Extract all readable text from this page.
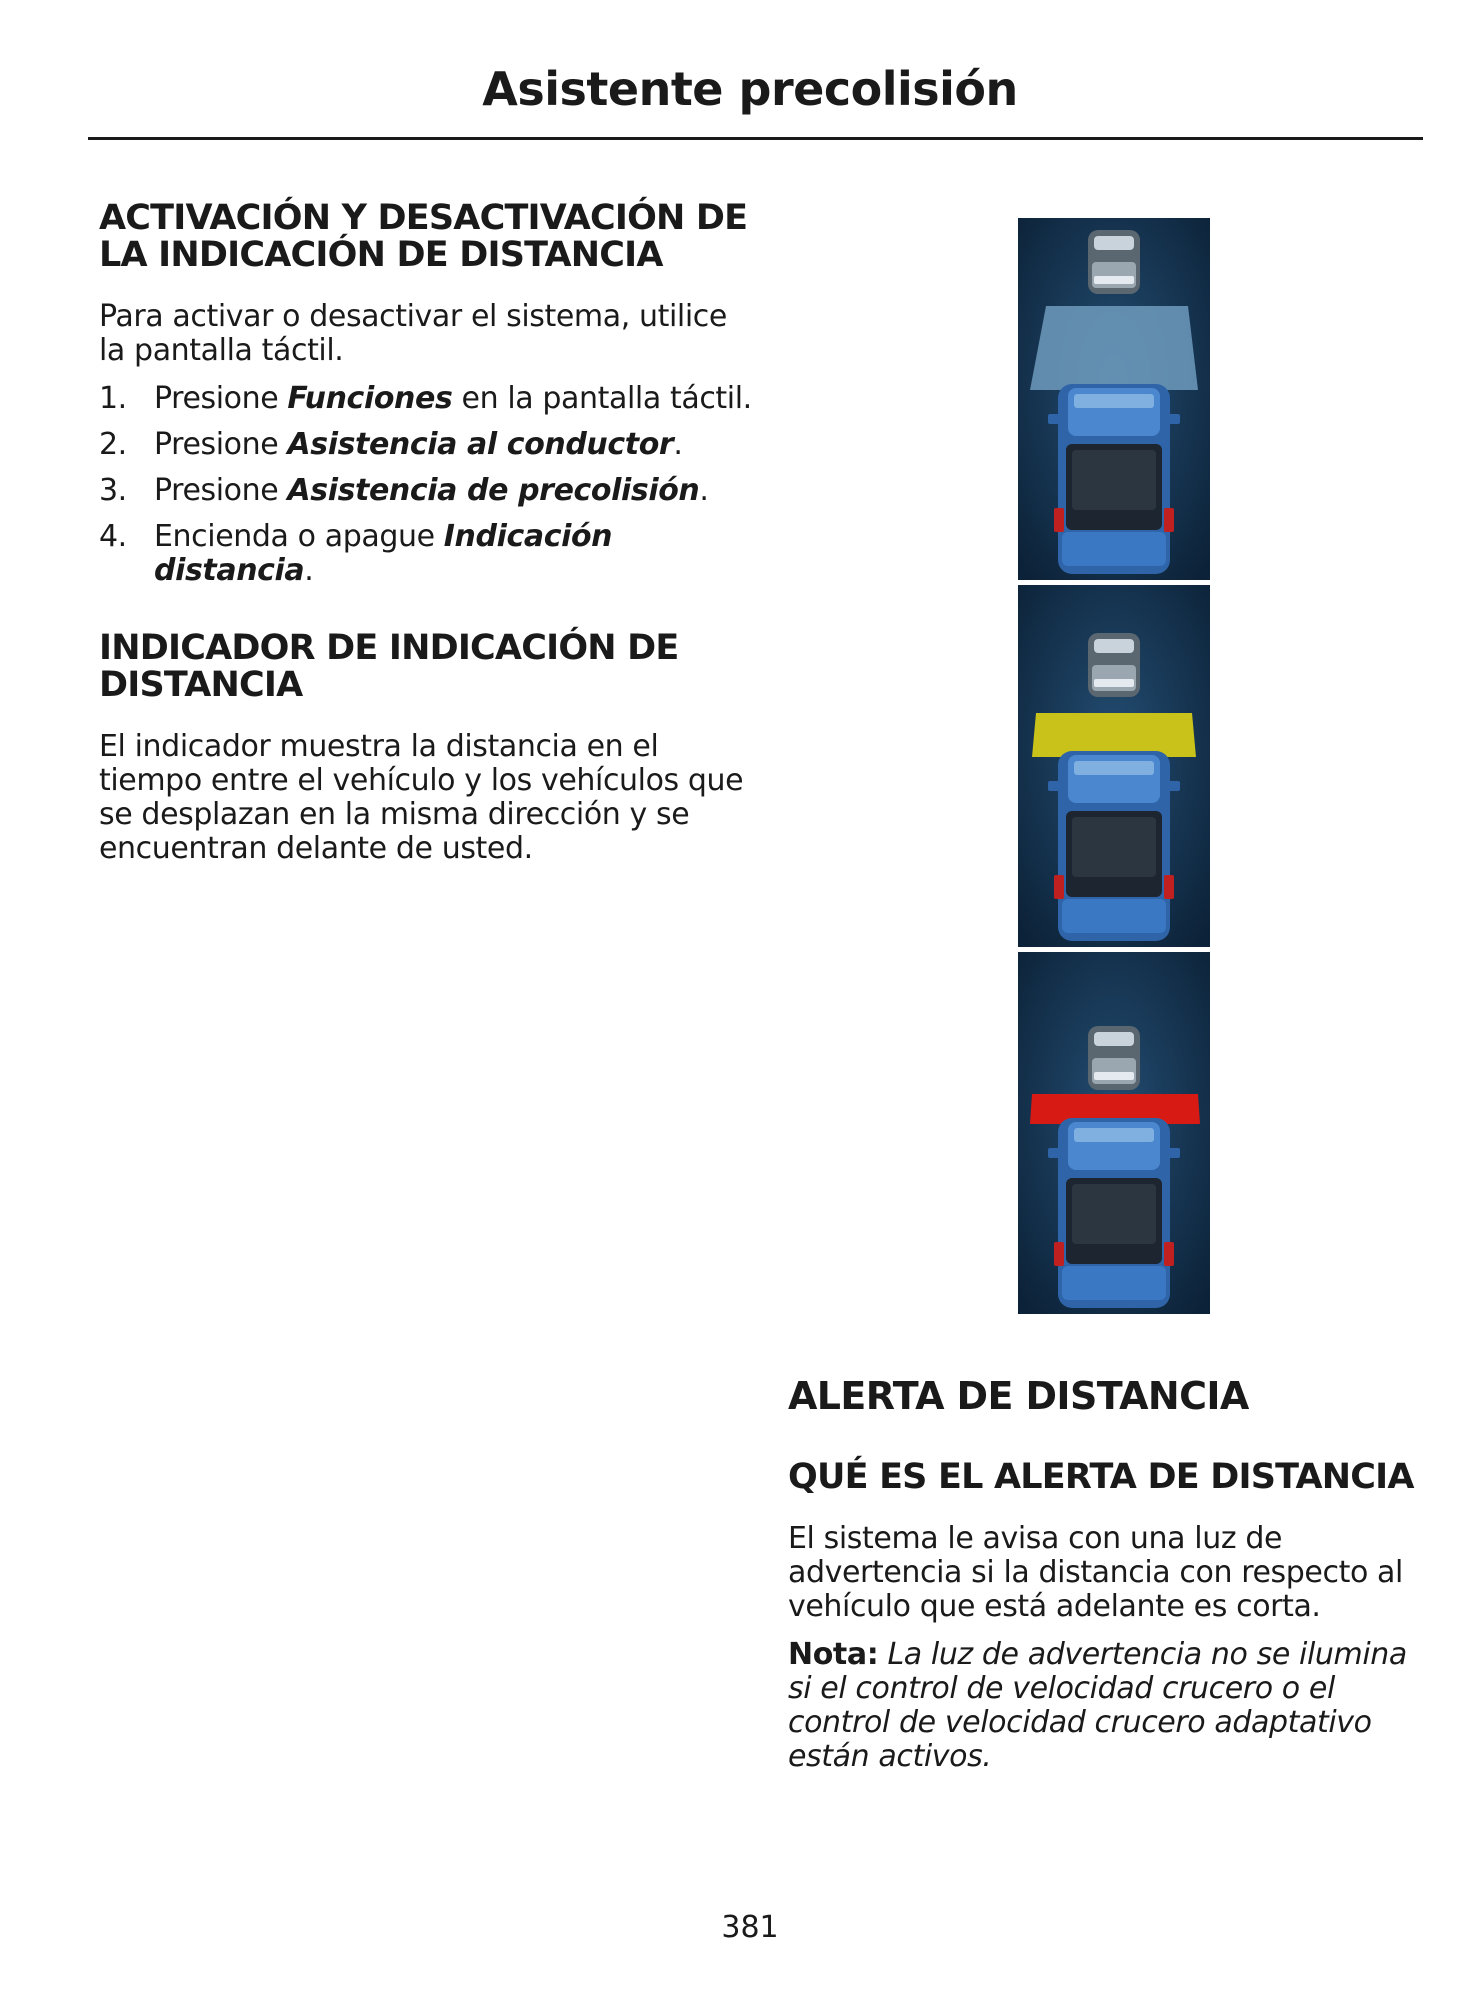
Asistente precolisión
ACTIVACIÓN Y DESACTIVACIÓN DE LA INDICACIÓN DE DISTANCIA

Para activar o desactivar el sistema, utilice la pantalla táctil.

1. Presione Funciones en la pantalla táctil.
2. Presione Asistencia al conductor.
3. Presione Asistencia de precolisión.
4. Encienda o apague Indicación distancia.
INDICADOR DE INDICACIÓN DE DISTANCIA

El indicador muestra la distancia en el tiempo entre el vehículo y los vehículos que se desplazan en la misma dirección y se encuentran delante de usted.

ALERTA DE DISTANCIA
QUÉ ES EL ALERTA DE DISTANCIA

El sistema le avisa con una luz de advertencia si la distancia con respecto al vehículo que está adelante es corta.

Nota: La luz de advertencia no se ilumina si el control de velocidad crucero o el control de velocidad crucero adaptativo están activos.

381
